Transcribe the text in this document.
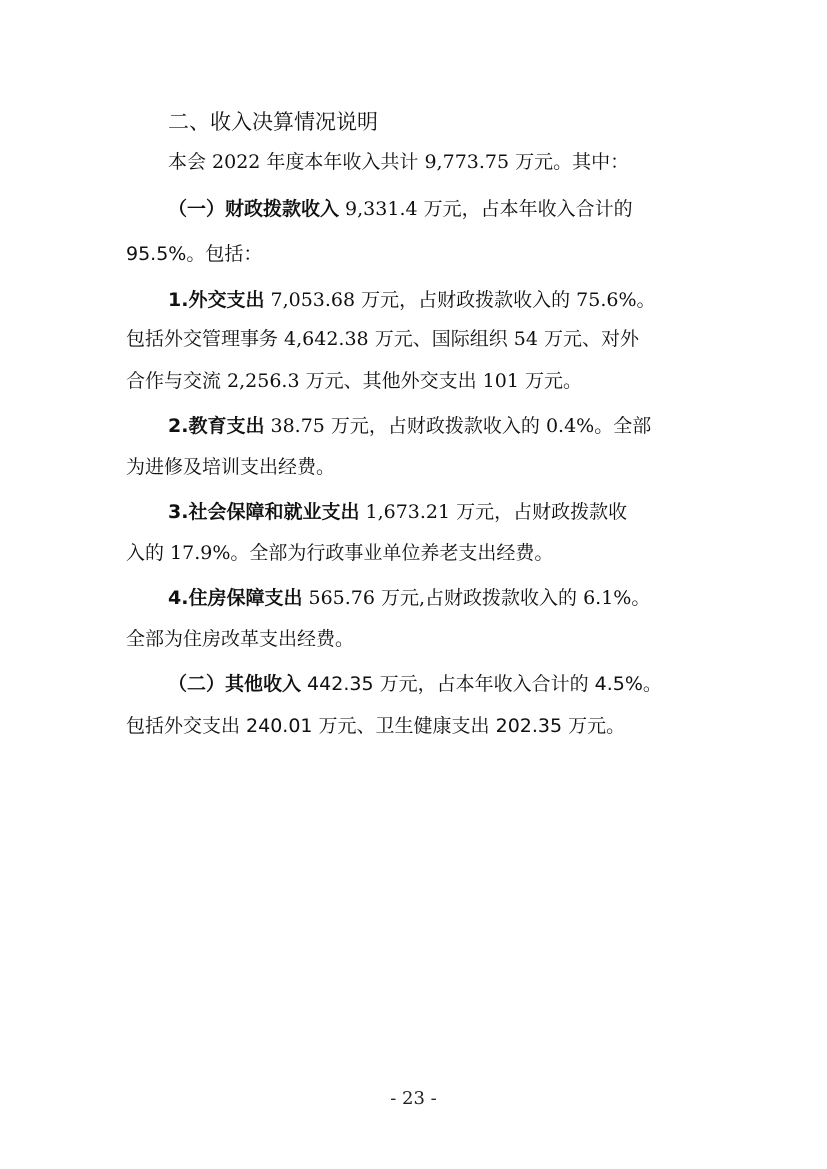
二、收入决算情况说明
本会 2022 年度本年收入共计 9,773.75 万元。其中：
（一）财政拨款收入 9,331.4 万元，占本年收入合计的
95.5%。包括：
1.外交支出 7,053.68 万元，占财政拨款收入的 75.6%。
包括外交管理事务 4,642.38 万元、国际组织 54 万元、对外
合作与交流 2,256.3 万元、其他外交支出 101 万元。
2.教育支出 38.75 万元，占财政拨款收入的 0.4%。全部
为进修及培训支出经费。
3.社会保障和就业支出 1,673.21 万元，占财政拨款收
入的 17.9%。全部为行政事业单位养老支出经费。
4.住房保障支出 565.76 万元,占财政拨款收入的 6.1%。
全部为住房改革支出经费。
（二）其他收入 442.35 万元，占本年收入合计的 4.5%。
包括外交支出 240.01 万元、卫生健康支出 202.35 万元。
- 23 -
